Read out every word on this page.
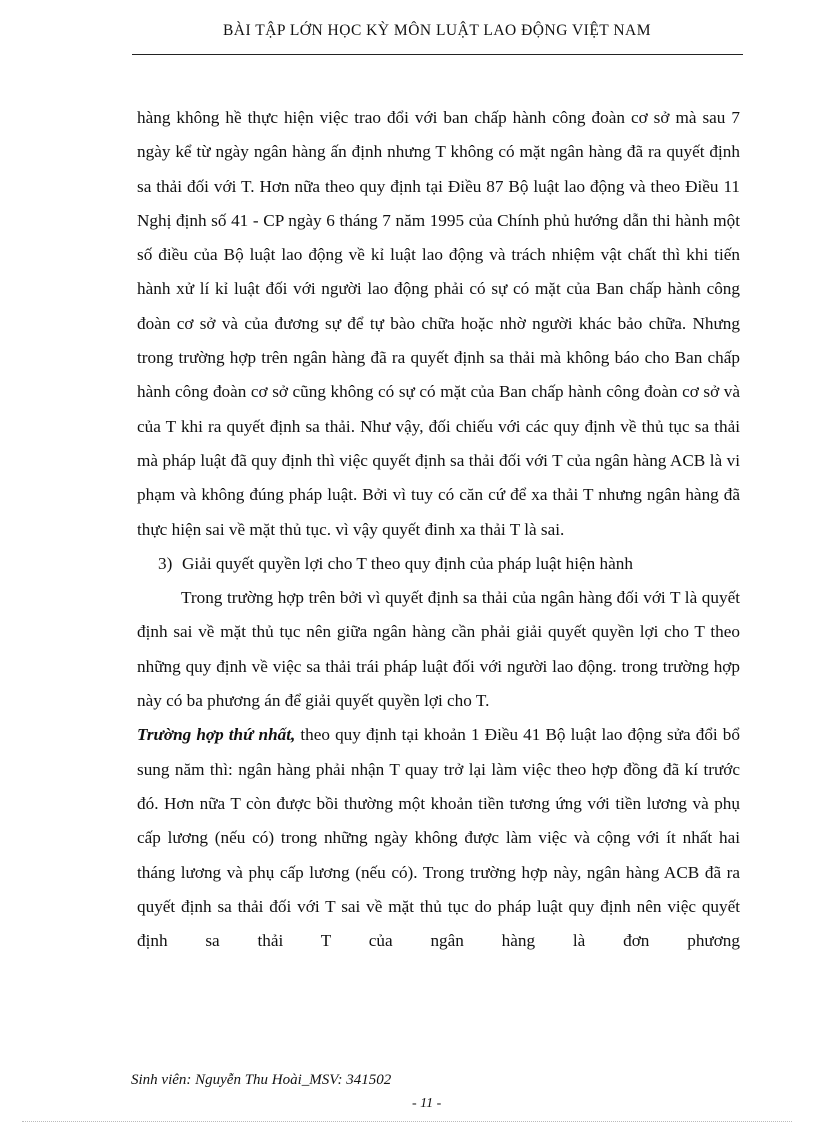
BÀI TẬP LỚN HỌC KỲ MÔN LUẬT LAO ĐỘNG VIỆT NAM

hàng không hề thực hiện việc trao đổi với ban chấp hành công đoàn cơ sở mà sau 7 ngày kể từ ngày ngân hàng ấn định nhưng T không có mặt ngân hàng đã ra quyết định sa thải đối với T. Hơn nữa theo quy định tại Điều 87 Bộ luật lao động và theo Điều 11 Nghị định số 41 - CP ngày 6 tháng 7 năm 1995 của Chính phủ hướng dẫn thi hành một số điều của Bộ luật lao động về kỉ luật lao động và trách nhiệm vật chất thì khi tiến hành xử lí kỉ luật đối với người lao động phải có sự có mặt của Ban chấp hành công đoàn cơ sở và của đương sự để tự bào chữa hoặc nhờ người khác bảo chữa. Nhưng trong trường hợp trên ngân hàng đã ra quyết định sa thải mà không báo cho Ban chấp hành công đoàn cơ sở cũng không có sự có mặt của Ban chấp hành công đoàn cơ sở và của T khi ra quyết định sa thải. Như vậy, đối chiếu với các quy định về thủ tục sa thải mà pháp luật đã quy định thì việc quyết định sa thải đối với T của ngân hàng ACB là vi phạm và không đúng pháp luật. Bởi vì tuy có căn cứ để xa thải T nhưng ngân hàng đã thực hiện sai về mặt thủ tục. vì vậy quyết đinh xa thải T là sai.

3) Giải quyết quyền lợi cho T theo quy định của pháp luật hiện hành

Trong trường hợp trên bởi vì quyết định sa thải của ngân hàng đối với T là quyết định sai về mặt thủ tục nên giữa ngân hàng cần phải giải quyết quyền lợi cho T theo những quy định về việc sa thải trái pháp luật đối với người lao động. trong trường hợp này có ba phương án để giải quyết quyền lợi cho T.

Trường hợp thứ nhất, theo quy định tại khoản 1 Điều 41 Bộ luật lao động sửa đổi bổ sung năm thì: ngân hàng phải nhận T quay trở lại làm việc theo hợp đồng đã kí trước đó. Hơn nữa T còn được bồi thường một khoản tiền tương ứng với tiền lương và phụ cấp lương (nếu có) trong những ngày không được làm việc và cộng với ít nhất hai tháng lương và phụ cấp lương (nếu có). Trong trường hợp này, ngân hàng ACB đã ra quyết định sa thải đối với T sai về mặt thủ tục do pháp luật quy định nên việc quyết định sa thải T của ngân hàng là đơn phương

Sinh viên: Nguyễn Thu Hoài_MSV: 341502
- 11 -
